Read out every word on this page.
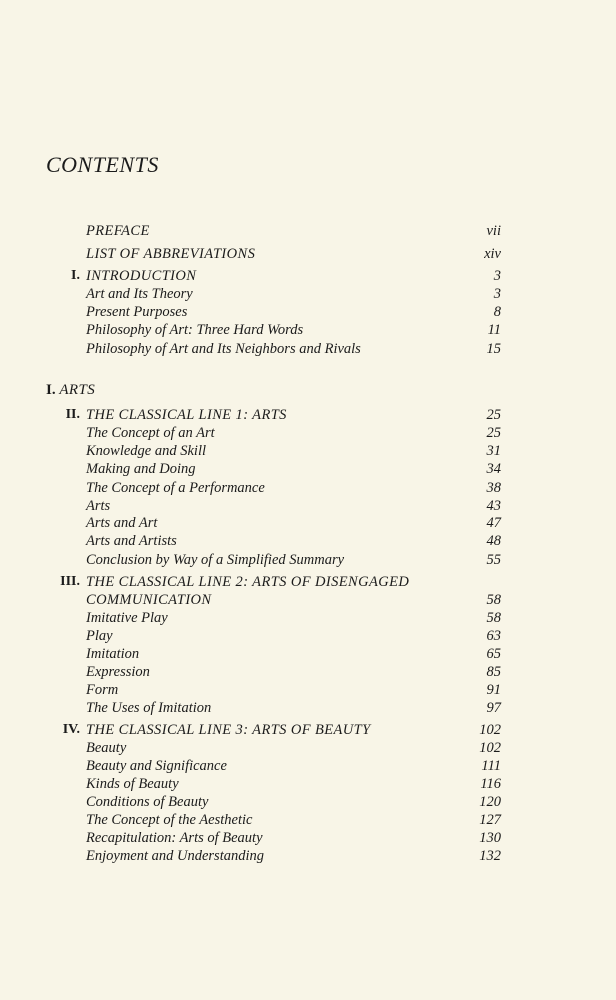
CONTENTS
PREFACE	vii
LIST OF ABBREVIATIONS	xiv
I. INTRODUCTION	3
Art and Its Theory	3
Present Purposes	8
Philosophy of Art: Three Hard Words	11
Philosophy of Art and Its Neighbors and Rivals	15
I. ARTS
II. THE CLASSICAL LINE 1: ARTS	25
The Concept of an Art	25
Knowledge and Skill	31
Making and Doing	34
The Concept of a Performance	38
Arts	43
Arts and Art	47
Arts and Artists	48
Conclusion by Way of a Simplified Summary	55
III. THE CLASSICAL LINE 2: ARTS OF DISENGAGED
COMMUNICATION	58
Imitative Play	58
Play	63
Imitation	65
Expression	85
Form	91
The Uses of Imitation	97
IV. THE CLASSICAL LINE 3: ARTS OF BEAUTY	102
Beauty	102
Beauty and Significance	111
Kinds of Beauty	116
Conditions of Beauty	120
The Concept of the Aesthetic	127
Recapitulation: Arts of Beauty	130
Enjoyment and Understanding	132
